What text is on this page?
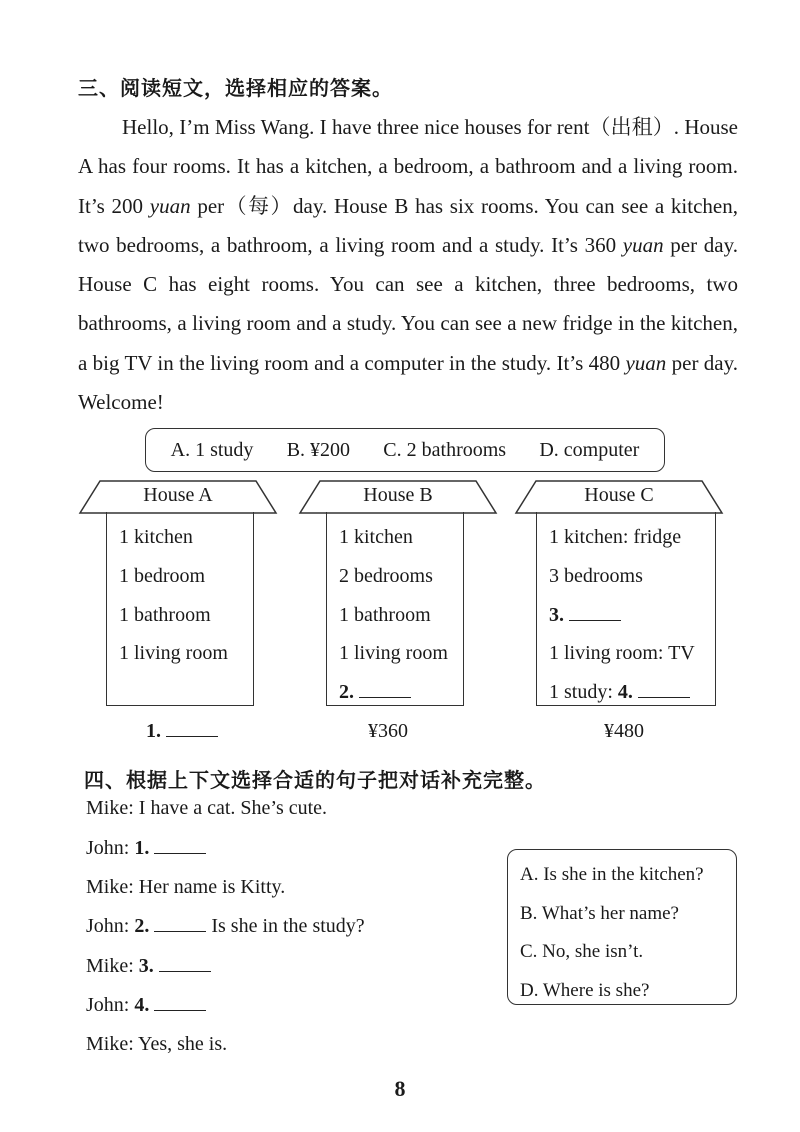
三、阅读短文，选择相应的答案。

Hello, I’m Miss Wang. I have three nice houses for rent（出租）. House A has four rooms. It has a kitchen, a bedroom, a bathroom and a living room. It’s 200 yuan per（每）day. House B has six rooms. You can see a kitchen, two bedrooms, a bathroom, a living room and a study. It’s 360 yuan per day. House C has eight rooms. You can see a kitchen, three bedrooms, two bathrooms, a living room and a study. You can see a new fridge in the kitchen, a big TV in the living room and a computer in the study. It’s 480 yuan per day. Welcome!

A. 1 study B. ¥200 C. 2 bathrooms D. computer
House A
1 kitchen
1 bedroom
1 bathroom
1 living room
House B
1 kitchen
2 bedrooms
1 bathroom
1 living room
2.
House C
1 kitchen: fridge
3 bedrooms
3.
1 living room: TV
1 study: 4.
1.	¥360	¥480
四、根据上下文选择合适的句子把对话补充完整。
Mike: I have a cat. She’s cute.
John: 1.
Mike: Her name is Kitty.
John: 2.	Is she in the study?
Mike: 3.
John: 4.
Mike: Yes, she is.
A. Is she in the kitchen?
B. What’s her name?
C. No, she isn’t.
D. Where is she?
8
